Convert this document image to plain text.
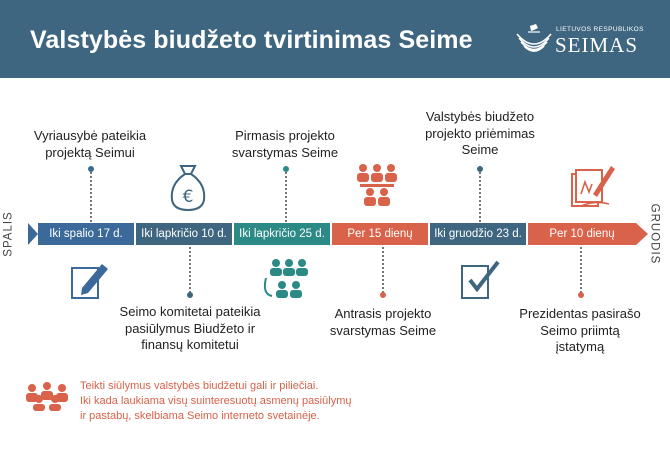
Valstybės biudžeto tvirtinimas Seime	LIETUVOS RESPUBLIKOS
SEIMAS
Vyriausybė pateikia
projektą Seimui
Pirmasis projekto
svarstymas Seime
Valstybės biudžeto
projekto priėmimas
Seime
€
SPALIS	GRUODIS
Iki spalio 17 d.	Iki lapkričio 10 d.	Iki lapkričio 25 d.	Per 15 dienų	Iki gruodžio 23 d.	Per 10 dienų
Seimo komitetai pateikia
pasiūlymus Biudžeto ir
finansų komitetui
Antrasis projekto
svarstymas Seime
Prezidentas pasirašo
Seimo priimtą
įstatymą
Teikti siūlymus valstybės biudžetui gali ir piliečiai.
Iki kada laukiama visų suinteresuotų asmenų pasiūlymų
ir pastabų, skelbiama Seimo interneto svetainėje.
